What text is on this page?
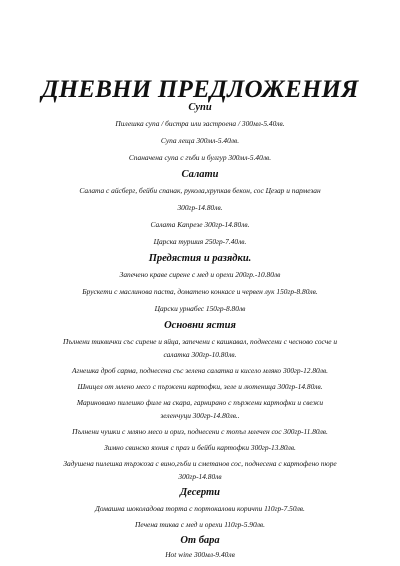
ДНЕВНИ ПРЕДЛОЖЕНИЯ
Супи
Пилешка супа / бистра или застроена / 300мл-5.40лв.
Супа леща 300мл-5.40лв.
Спаначена супа с гъби и булгур 300мл-5.40лв.
Салати
Салата с айсберг, бейби спанак, рукола,хрупкав бекон, сос Цезар и пармезан
300гр-14.80лв.
Салата Капрезе 300гр-14.80лв.
Царска туршия 250гр-7.40лв.
Предястия и разядки.
Запечено краве сирене с мед и орехи 200гр.-10.80лв
Брускети с маслинова паста, доматено конкасе и червен лук 150гр-8.80лв.
Царски урнабес 150гр-8.80лв
Основни ястия
Пълнени тиквички със сирене и яйца, запечени с кашкавал, поднесени с чесново сосче и
салатка 300гр-10.80лв.
Агнешка дроб сарма, поднесена със зелена салатка и кисело мляко 300гр-12.80лв.
Шницел от млено месо с пържени картофки, зеле и лютеница 300гр-14.80лв.
Мариновано пилешко филе на скара, гарнирано с пържени картофки и свежи
зеленчуци 300гр-14.80лв..
Пълнени чушки с мляно месо и ориз, поднесени с топъл млечен сос 300гр-11.80лв.
Зимно свинско яхния с праз и бейби картофки 300гр-13.80лв.
Задушена пилешка тържоза с вино,гъби и сметанов сос, поднесена с картофено пюре
300гр-14.80лв
Десерти
Домашна шоколадова торта с портокалови коричпи 110гр-7.50лв.
Печена тиква с мед и орехи 110гр-5.90лв.
От бара
Hot wine 300мл-9.40лв
